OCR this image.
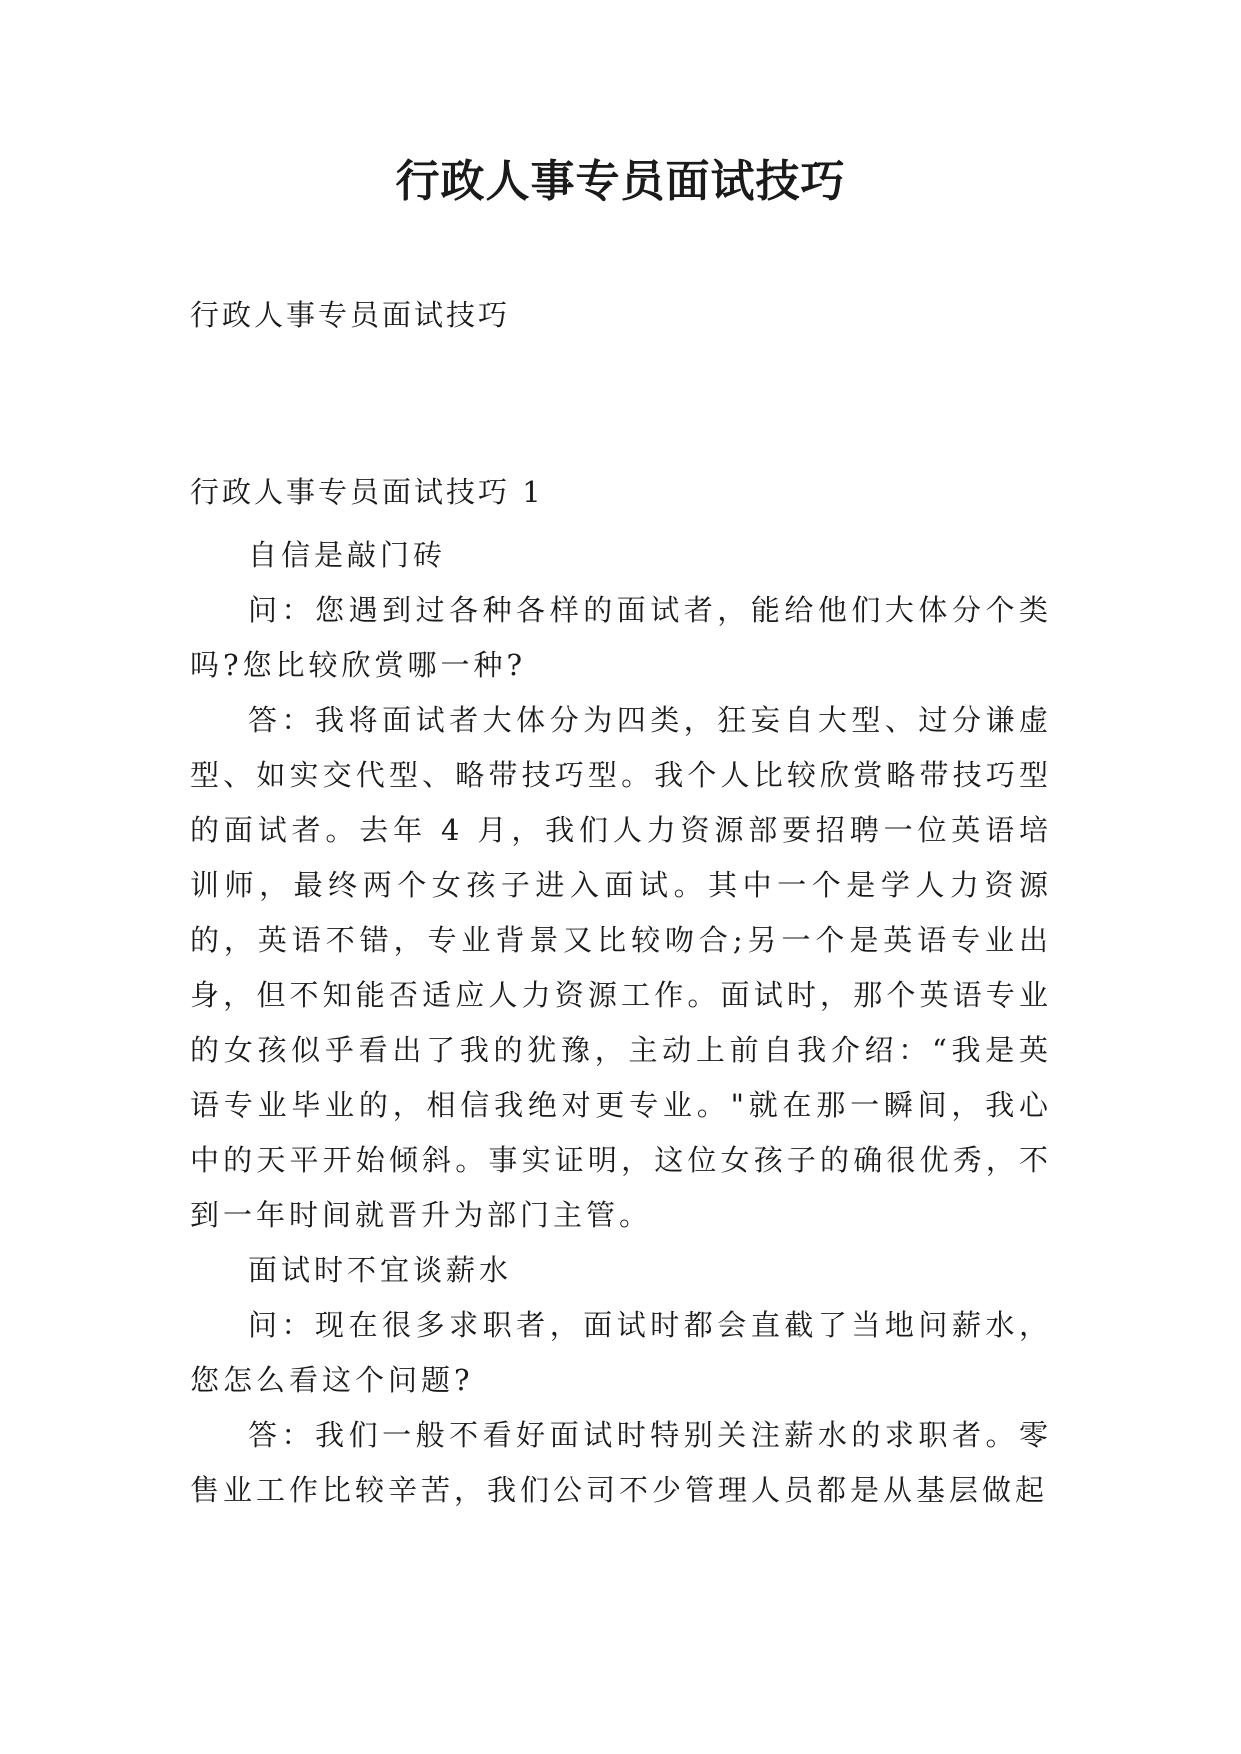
行政人事专员面试技巧
行政人事专员面试技巧
行政人事专员面试技巧 1

自信是敲门砖

问：您遇到过各种各样的面试者，能给他们大体分个类吗?您比较欣赏哪一种?

答：我将面试者大体分为四类，狂妄自大型、过分谦虚型、如实交代型、略带技巧型。我个人比较欣赏略带技巧型的面试者。去年 4 月，我们人力资源部要招聘一位英语培训师，最终两个女孩子进入面试。其中一个是学人力资源的，英语不错，专业背景又比较吻合;另一个是英语专业出身，但不知能否适应人力资源工作。面试时，那个英语专业的女孩似乎看出了我的犹豫，主动上前自我介绍：“我是英语专业毕业的，相信我绝对更专业。"就在那一瞬间，我心中的天平开始倾斜。事实证明，这位女孩子的确很优秀，不到一年时间就晋升为部门主管。

面试时不宜谈薪水

问：现在很多求职者，面试时都会直截了当地问薪水，您怎么看这个问题?

答：我们一般不看好面试时特别关注薪水的求职者。零售业工作比较辛苦，我们公司不少管理人员都是从基层做起
